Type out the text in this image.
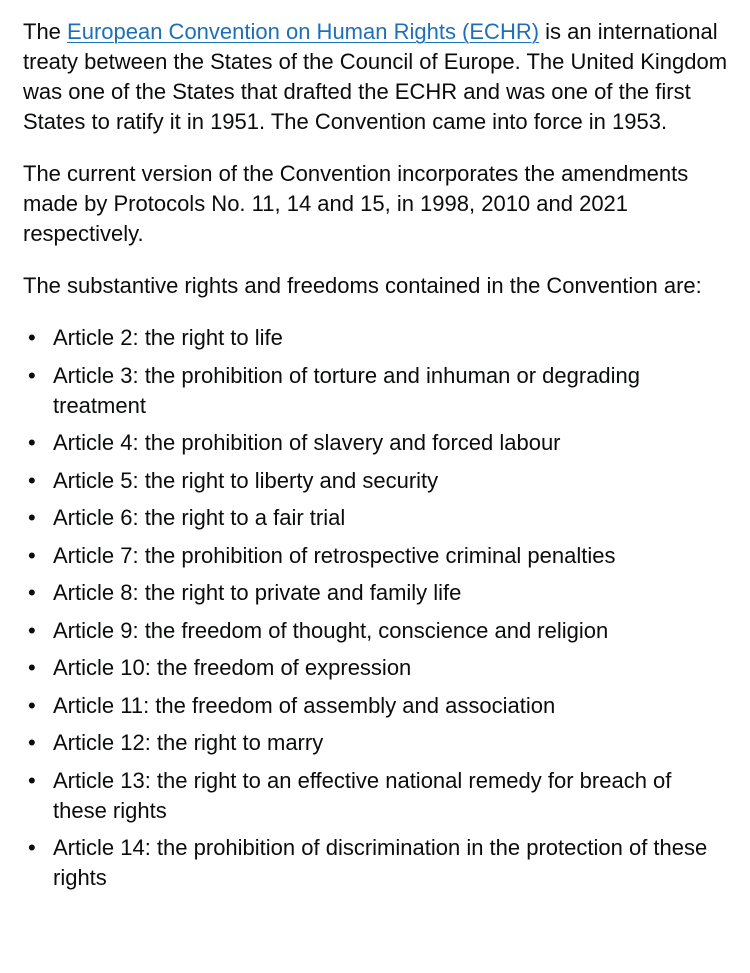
The European Convention on Human Rights (ECHR) is an international treaty between the States of the Council of Europe. The United Kingdom was one of the States that drafted the ECHR and was one of the first States to ratify it in 1951. The Convention came into force in 1953.

The current version of the Convention incorporates the amendments made by Protocols No. 11, 14 and 15, in 1998, 2010 and 2021 respectively.

The substantive rights and freedoms contained in the Convention are:

• Article 2: the right to life
• Article 3: the prohibition of torture and inhuman or degrading treatment
• Article 4: the prohibition of slavery and forced labour
• Article 5: the right to liberty and security
• Article 6: the right to a fair trial
• Article 7: the prohibition of retrospective criminal penalties
• Article 8: the right to private and family life
• Article 9: the freedom of thought, conscience and religion
• Article 10: the freedom of expression
• Article 11: the freedom of assembly and association
• Article 12: the right to marry
• Article 13: the right to an effective national remedy for breach of these rights
• Article 14: the prohibition of discrimination in the protection of these rights
